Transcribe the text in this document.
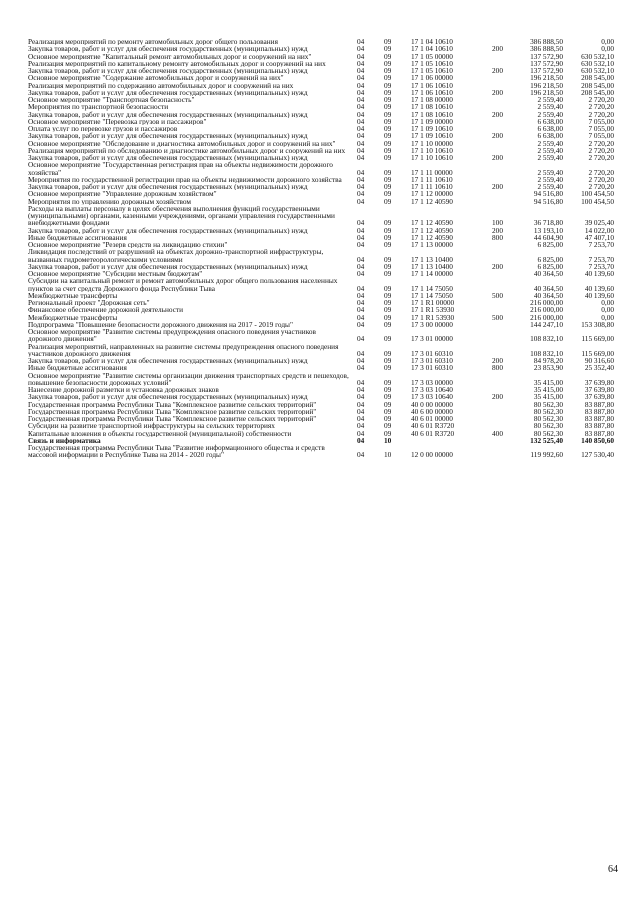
Реализация мероприятий по ремонту автомобильных дорог общего пользования	04	09	17 1 04 10610		386 888,50	0,00
Закупка товаров, работ и услуг для обеспечения государственных (муниципальных) нужд	04	09	17 1 04 10610	200	386 888,50	0,00
Основное мероприятие "Капитальный ремонт автомобильных дорог и сооружений на них"	04	09	17 1 05 00000		137 572,90	630 532,10
Реализация мероприятий по капитальному ремонту автомобильных дорог и сооружений на них	04	09	17 1 05 10610		137 572,90	630 532,10
Закупка товаров, работ и услуг для обеспечения государственных (муниципальных) нужд	04	09	17 1 05 10610	200	137 572,90	630 532,10
Основное мероприятие "Содержание автомобильных дорог и сооружений на них"	04	09	17 1 06 00000		196 218,50	208 545,00
Реализация мероприятий по содержанию автомобильных дорог и сооружений на них	04	09	17 1 06 10610		196 218,50	208 545,00
Закупка товаров, работ и услуг для обеспечения государственных (муниципальных) нужд	04	09	17 1 06 10610	200	196 218,50	208 545,00
Основное мероприятие "Транспортная безопасность"	04	09	17 1 08 00000		2 559,40	2 720,20
Мероприятия по транспортной безопасности	04	09	17 1 08 10610		2 559,40	2 720,20
Закупка товаров, работ и услуг для обеспечения государственных (муниципальных) нужд	04	09	17 1 08 10610	200	2 559,40	2 720,20
Основное мероприятие "Перевозка грузов и пассажиров"	04	09	17 1 09 00000		6 638,00	7 055,00
Оплата услуг по перевозке грузов и пассажиров	04	09	17 1 09 10610		6 638,00	7 055,00
Закупка товаров, работ и услуг для обеспечения государственных (муниципальных) нужд	04	09	17 1 09 10610	200	6 638,00	7 055,00
Основное мероприятие "Обследование и диагностика автомобильных дорог и сооружений на них"	04	09	17 1 10 00000		2 559,40	2 720,20
Реализация мероприятий по обследованию и диагностике автомобильных дорог и сооружений на них	04	09	17 1 10 10610		2 559,40	2 720,20
Закупка товаров, работ и услуг для обеспечения государственных (муниципальных) нужд	04	09	17 1 10 10610	200	2 559,40	2 720,20
Основное мероприятие "Государственная регистрация прав на объекты недвижимости дорожного хозяйства"	04	09	17 1 11 00000		2 559,40	2 720,20
Мероприятия по государственной регистрации прав на объекты недвижимости дорожного хозяйства	04	09	17 1 11 10610		2 559,40	2 720,20
Закупка товаров, работ и услуг для обеспечения государственных (муниципальных) нужд	04	09	17 1 11 10610	200	2 559,40	2 720,20
Основное мероприятие "Управление дорожным хозяйством"	04	09	17 1 12 00000		94 516,80	100 454,50
Мероприятия по управлению дорожным хозяйством	04	09	17 1 12 40590		94 516,80	100 454,50
Расходы на выплаты персоналу в целях обеспечения выполнения функций государственными (муниципальными) органами, казенными учреждениями, органами управления государственными внебюджетными фондами	04	09	17 1 12 40590	100	36 718,80	39 025,40
Закупка товаров, работ и услуг для обеспечения государственных (муниципальных) нужд	04	09	17 1 12 40590	200	13 193,10	14 022,00
Иные бюджетные ассигнования	04	09	17 1 12 40590	800	44 604,90	47 407,10
Основное мероприятие "Резерв средств на ликвидацию стихии"	04	09	17 1 13 00000		6 825,00	7 253,70
Ликвидация последствий от разрушений на объектах дорожно-транспортной инфраструктуры, вызванных гидрометеорологическими условиями	04	09	17 1 13 10400		6 825,00	7 253,70
Закупка товаров, работ и услуг для обеспечения государственных (муниципальных) нужд	04	09	17 1 13 10400	200	6 825,00	7 253,70
Основное мероприятие "Субсидии местным бюджетам"	04	09	17 1 14 00000		40 364,50	40 139,60
Субсидии на капитальный ремонт и ремонт автомобильных дорог общего пользования населенных пунктов за счет средств Дорожного фонда Республики Тыва	04	09	17 1 14 75050		40 364,50	40 139,60
Межбюджетные трансферты	04	09	17 1 14 75050	500	40 364,50	40 139,60
Региональный проект "Дорожная сеть"	04	09	17 1 R1 00000		216 000,00	0,00
Финансовое обеспечение дорожной деятельности	04	09	17 1 R1 53930		216 000,00	0,00
Межбюджетные трансферты	04	09	17 1 R1 53930	500	216 000,00	0,00
Подпрограмма "Повышение безопасности дорожного движения на 2017 - 2019 годы"	04	09	17 3 00 00000		144 247,10	153 308,80
Основное мероприятие "Развитие системы предупреждения опасного поведения участников дорожного движения"	04	09	17 3 01 00000		108 832,10	115 669,00
Реализация мероприятий, направленных на развитие системы предупреждения опасного поведения участников дорожного движения	04	09	17 3 01 60310		108 832,10	115 669,00
Закупка товаров, работ и услуг для обеспечения государственных (муниципальных) нужд	04	09	17 3 01 60310	200	84 978,20	90 316,60
Иные бюджетные ассигнования	04	09	17 3 01 60310	800	23 853,90	25 352,40
Основное мероприятие "Развитие системы организации движения транспортных средств и пешеходов, повышение безопасности дорожных условий"	04	09	17 3 03 00000		35 415,00	37 639,80
Нанесение дорожной разметки и установка дорожных знаков	04	09	17 3 03 10640		35 415,00	37 639,80
Закупка товаров, работ и услуг для обеспечения государственных (муниципальных) нужд	04	09	17 3 03 10640	200	35 415,00	37 639,80
Государственная программа Республики Тыва "Комплексное развитие сельских территорий"	04	09	40 0 00 00000		80 562,30	83 887,80
Государственная программа Республики Тыва "Комплексное развитие сельских территорий"	04	09	40 6 00 00000		80 562,30	83 887,80
Государственная программа Республики Тыва "Комплексное развитие сельских территорий"	04	09	40 6 01 00000		80 562,30	83 887,80
Субсидии на развитие транспортной инфраструктуры на сельских территориях	04	09	40 6 01 R3720		80 562,30	83 887,80
Капитальные вложения в объекты государственной (муниципальной) собственности	04	09	40 6 01 R3720	400	80 562,30	83 887,80
Связь и информатика	04	10			132 525,40	140 850,60
Государственная программа Республики Тыва "Развитие информационного общества и средств массовой информации в Республике Тыва на 2014 - 2020 годы"	04	10	12 0 00 00000		119 992,60	127 530,40
64
